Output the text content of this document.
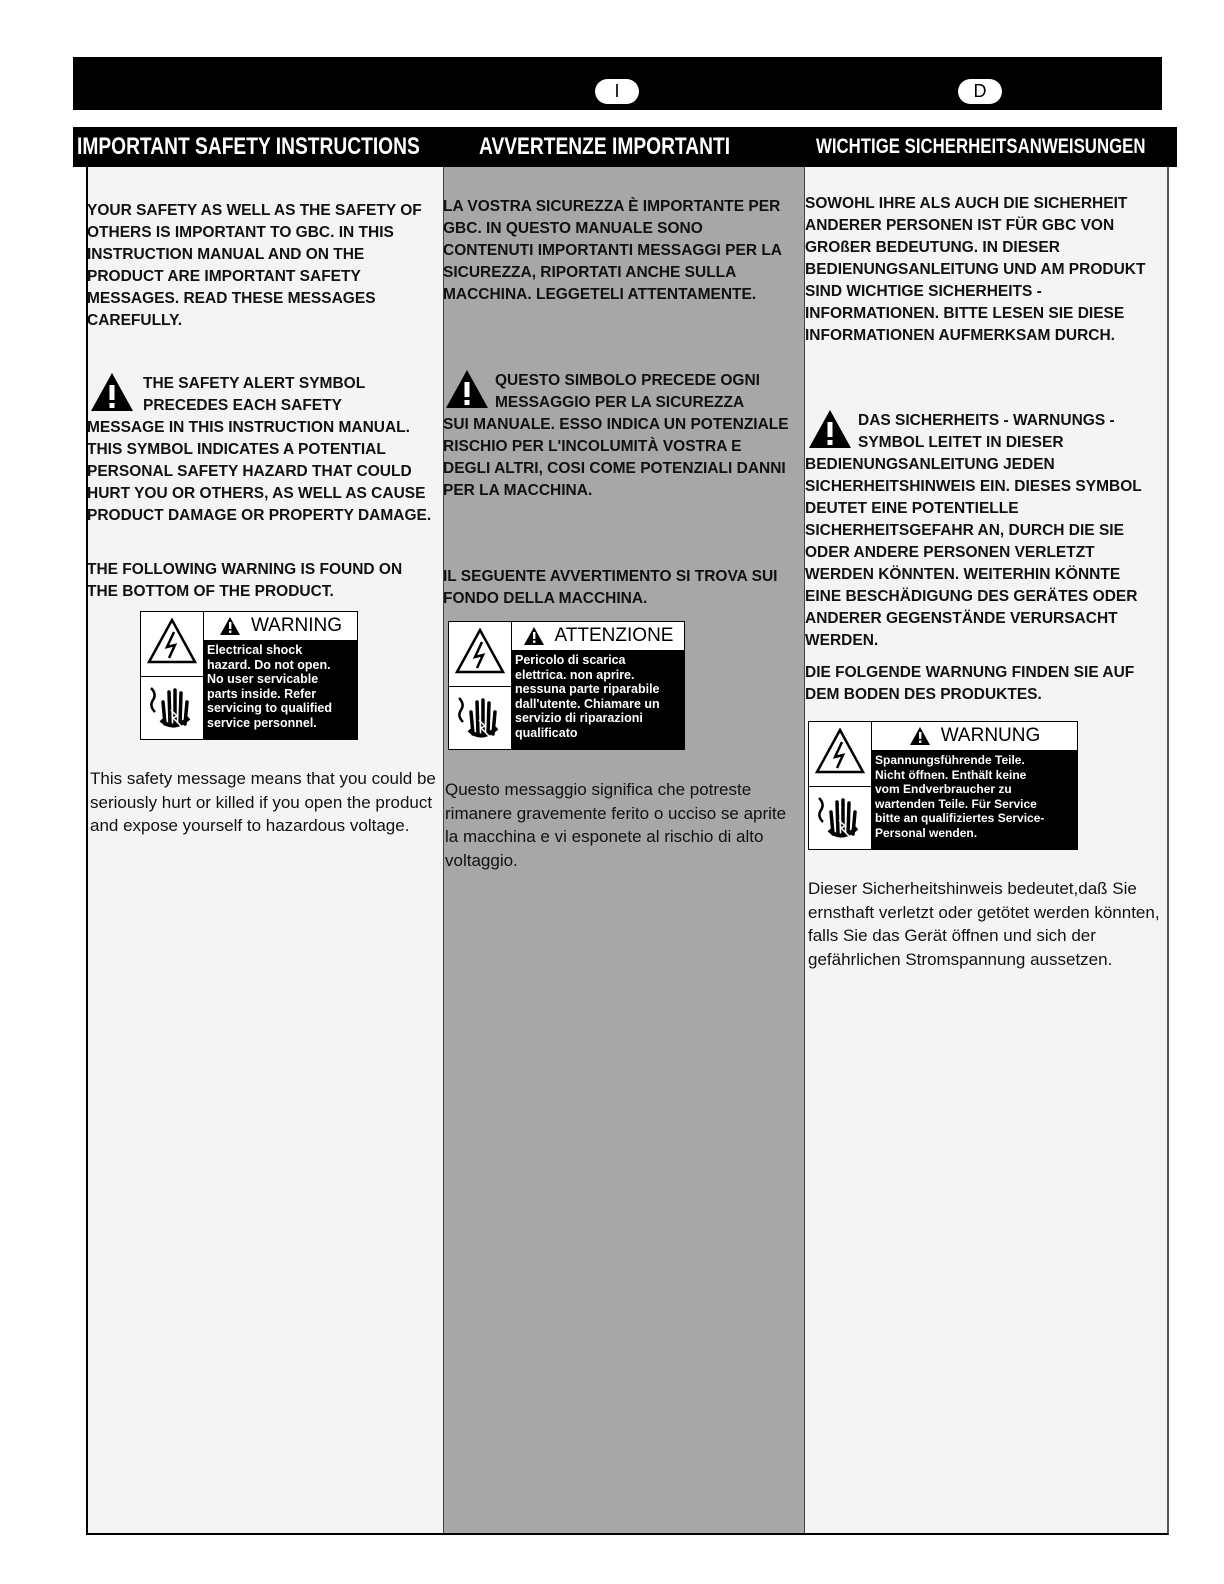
I	D
IMPORTANT SAFETY INSTRUCTIONS AVVERTENZE IMPORTANTI	WICHTIGE SICHERHEITSANWEISUNGEN

YOUR SAFETY AS WELL AS THE SAFETY OF OTHERS IS IMPORTANT TO GBC. IN THIS INSTRUCTION MANUAL AND ON THE PRODUCT ARE IMPORTANT SAFETY MESSAGES. READ THESE MESSAGES CAREFULLY.

THE SAFETY ALERT SYMBOL PRECEDES EACH SAFETY

MESSAGE IN THIS INSTRUCTION MANUAL. THIS SYMBOL INDICATES A POTENTIAL PERSONAL SAFETY HAZARD THAT COULD HURT YOU OR OTHERS, AS WELL AS CAUSE PRODUCT DAMAGE OR PROPERTY DAMAGE.

THE FOLLOWING WARNING IS FOUND ON THE BOTTOM OF THE PRODUCT.

WARNING
Electrical shock
hazard. Do not open.
No user servicable
parts inside. Refer
servicing to qualified
service personnel.

This safety message means that you could be seriously hurt or killed if you open the product and expose yourself to hazardous voltage.

LA VOSTRA SICUREZZA È IMPORTANTE PER GBC. IN QUESTO MANUALE SONO CONTENUTI IMPORTANTI MESSAGGI PER LA SICUREZZA, RIPORTATI ANCHE SULLA MACCHINA. LEGGETELI ATTENTAMENTE.

QUESTO SIMBOLO PRECEDE OGNI MESSAGGIO PER LA SICUREZZA

SUI MANUALE. ESSO INDICA UN POTENZIALE RISCHIO PER L'INCOLUMITÀ VOSTRA E DEGLI ALTRI, COSI COME POTENZIALI DANNI PER LA MACCHINA.

IL SEGUENTE AVVERTIMENTO SI TROVA SUI FONDO DELLA MACCHINA.

ATTENZIONE
Pericolo di scarica
elettrica. non aprire.
nessuna parte riparabile
dall'utente. Chiamare un
servizio di riparazioni
qualificato

Questo messaggio significa che potreste rimanere gravemente ferito o ucciso se aprite la macchina e vi esponete al rischio di alto voltaggio.

SOWOHL IHRE ALS AUCH DIE SICHERHEIT ANDERER PERSONEN IST FÜR GBC VON GROßER BEDEUTUNG. IN DIESER BEDIENUNGSANLEITUNG UND AM PRODUKT SIND WICHTIGE SICHERHEITS - INFORMATIONEN. BITTE LESEN SIE DIESE INFORMATIONEN AUFMERKSAM DURCH.

DAS SICHERHEITS - WARNUNGS - SYMBOL LEITET IN DIESER

BEDIENUNGSANLEITUNG JEDEN SICHERHEITSHINWEIS EIN. DIESES SYMBOL DEUTET EINE POTENTIELLE SICHERHEITSGEFAHR AN, DURCH DIE SIE ODER ANDERE PERSONEN VERLETZT WERDEN KÖNNTEN. WEITERHIN KÖNNTE EINE BESCHÄDIGUNG DES GERÄTES ODER ANDERER GEGENSTÄNDE VERURSACHT WERDEN.

DIE FOLGENDE WARNUNG FINDEN SIE AUF DEM BODEN DES PRODUKTES.

WARNUNG
Spannungsführende Teile.
Nicht öffnen. Enthält keine
vom Endverbraucher zu
wartenden Teile. Für Service
bitte an qualifiziertes Service-
Personal wenden.

Dieser Sicherheitshinweis bedeutet,daß Sie ernsthaft verletzt oder getötet werden könnten, falls Sie das Gerät öffnen und sich der gefährlichen Stromspannung aussetzen.
